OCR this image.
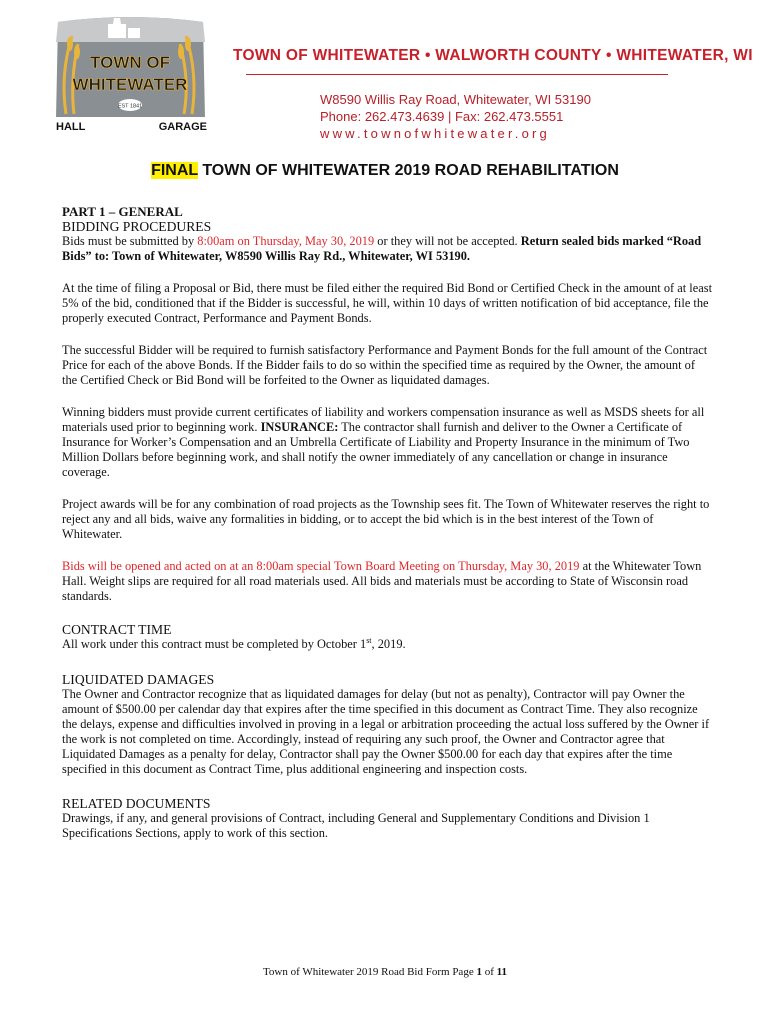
TOWN OF
WHITEWATER
EST 1841
HALL	GARAGE
TOWN OF WHITEWATER • WALWORTH COUNTY • WHITEWATER, WI
W8590 Willis Ray Road, Whitewater, WI 53190
Phone: 262.473.4639 | Fax: 262.473.5551
www.townofwhitewater.org
FINAL TOWN OF WHITEWATER 2019 ROAD REHABILITATION

PART 1 – GENERAL

BIDDING PROCEDURES

Bids must be submitted by 8:00am on Thursday, May 30, 2019 or they will not be accepted. Return sealed bids marked “Road Bids” to: Town of Whitewater, W8590 Willis Ray Rd., Whitewater, WI 53190.

At the time of filing a Proposal or Bid, there must be filed either the required Bid Bond or Certified Check in the amount of at least 5% of the bid, conditioned that if the Bidder is successful, he will, within 10 days of written notification of bid acceptance, file the properly executed Contract, Performance and Payment Bonds.

The successful Bidder will be required to furnish satisfactory Performance and Payment Bonds for the full amount of the Contract Price for each of the above Bonds. If the Bidder fails to do so within the specified time as required by the Owner, the amount of the Certified Check or Bid Bond will be forfeited to the Owner as liquidated damages.

Winning bidders must provide current certificates of liability and workers compensation insurance as well as MSDS sheets for all materials used prior to beginning work. INSURANCE: The contractor shall furnish and deliver to the Owner a Certificate of Insurance for Worker’s Compensation and an Umbrella Certificate of Liability and Property Insurance in the minimum of Two Million Dollars before beginning work, and shall notify the owner immediately of any cancellation or change in insurance coverage.

Project awards will be for any combination of road projects as the Township sees fit. The Town of Whitewater reserves the right to reject any and all bids, waive any formalities in bidding, or to accept the bid which is in the best interest of the Town of Whitewater.

Bids will be opened and acted on at an 8:00am special Town Board Meeting on Thursday, May 30, 2019 at the Whitewater Town Hall. Weight slips are required for all road materials used. All bids and materials must be according to State of Wisconsin road standards.

CONTRACT TIME

All work under this contract must be completed by October 1st, 2019.

LIQUIDATED DAMAGES

The Owner and Contractor recognize that as liquidated damages for delay (but not as penalty), Contractor will pay Owner the amount of $500.00 per calendar day that expires after the time specified in this document as Contract Time. They also recognize the delays, expense and difficulties involved in proving in a legal or arbitration proceeding the actual loss suffered by the Owner if the work is not completed on time. Accordingly, instead of requiring any such proof, the Owner and Contractor agree that Liquidated Damages as a penalty for delay, Contractor shall pay the Owner $500.00 for each day that expires after the time specified in this document as Contract Time, plus additional engineering and inspection costs.

RELATED DOCUMENTS

Drawings, if any, and general provisions of Contract, including General and Supplementary Conditions and Division 1 Specifications Sections, apply to work of this section.

Town of Whitewater 2019 Road Bid Form Page 1 of 11
